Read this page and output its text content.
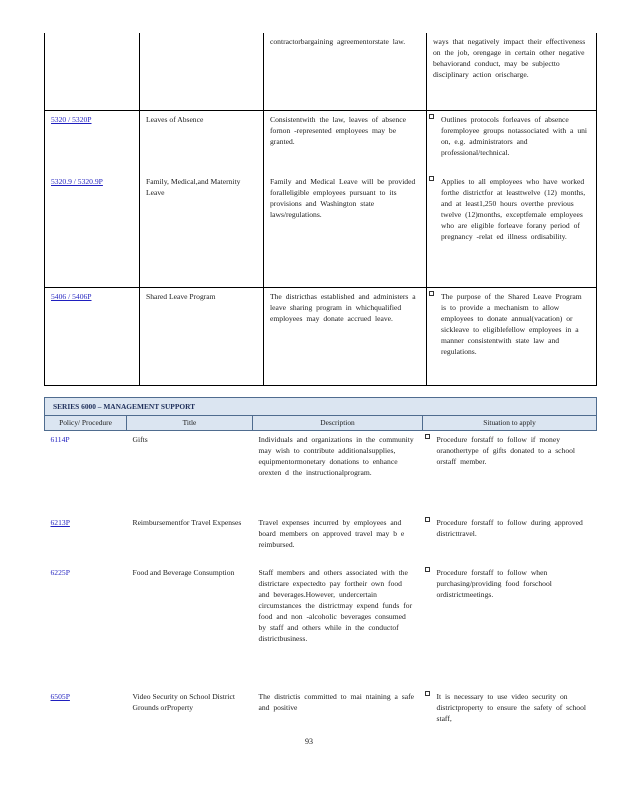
		contractorbargaining agreementorstate law.	ways that negatively impact their effectiveness on the job, orengage in certain other negative behaviorand conduct, may be subjectto disciplinary action orischarge.
5320 / 5320P	Leaves of Absence	Consistentwith the law, leaves of absence fornon -represented employees may be granted.	Outlines protocols forleaves of absence foremployee groups notassociated with a uni on, e.g. administrators and professional/technical.
5320.9 / 5320.9P	Family, Medical,and Maternity Leave	Family and Medical Leave will be provided foralleligible employees pursuant to its provisions and Washington state laws/regulations.	Applies to all employees who have worked forthe districtfor at leasttwelve (12) months, and at least1,250 hours overthe previous twelve (12)months, exceptfemale employees who are eligible forleave forany period of pregnancy -relat ed illness ordisability.
5406 / 5406P	Shared Leave Program	The districthas established and administers a leave sharing program in whichqualified employees may donate accrued leave.	The purpose of the Shared Leave Program is to provide a mechanism to allow employees to donate annual(vacation) or sickleave to eligiblefellow employees in a manner consistentwith state law and regulations.
SERIES 6000 – MANAGEMENT SUPPORT			
Policy/ Procedure	Title	Description	Situation to apply
6114P	Gifts	Individuals and organizations in the community may wish to contribute additionalsupplies, equipmentormonetary donations to enhance orexten d the instructionalprogram.	Procedure forstaff to follow if money oranothertype of gifts donated to a school orstaff member.
6213P	Reimbursementfor Travel Expenses	Travel expenses incurred by employees and board members on approved travel may b e reimbursed.	Procedure forstaff to follow during approved districttravel.
6225P	Food and Beverage Consumption	Staff members and others associated with the districtare expectedto pay fortheir own food and beverages.However, undercertain circumstances the districtmay expend funds for food and non -alcoholic beverages consumed by staff and others while in the conductof districtbusiness.	Procedure forstaff to follow when purchasing/providing food forschool ordistrictmeetings.
6505P	Video Security on School District Grounds orProperty	The districtis committed to mai ntaining a safe and positive	It is necessary to use video security on districtproperty to ensure the safety of school staff,
93
